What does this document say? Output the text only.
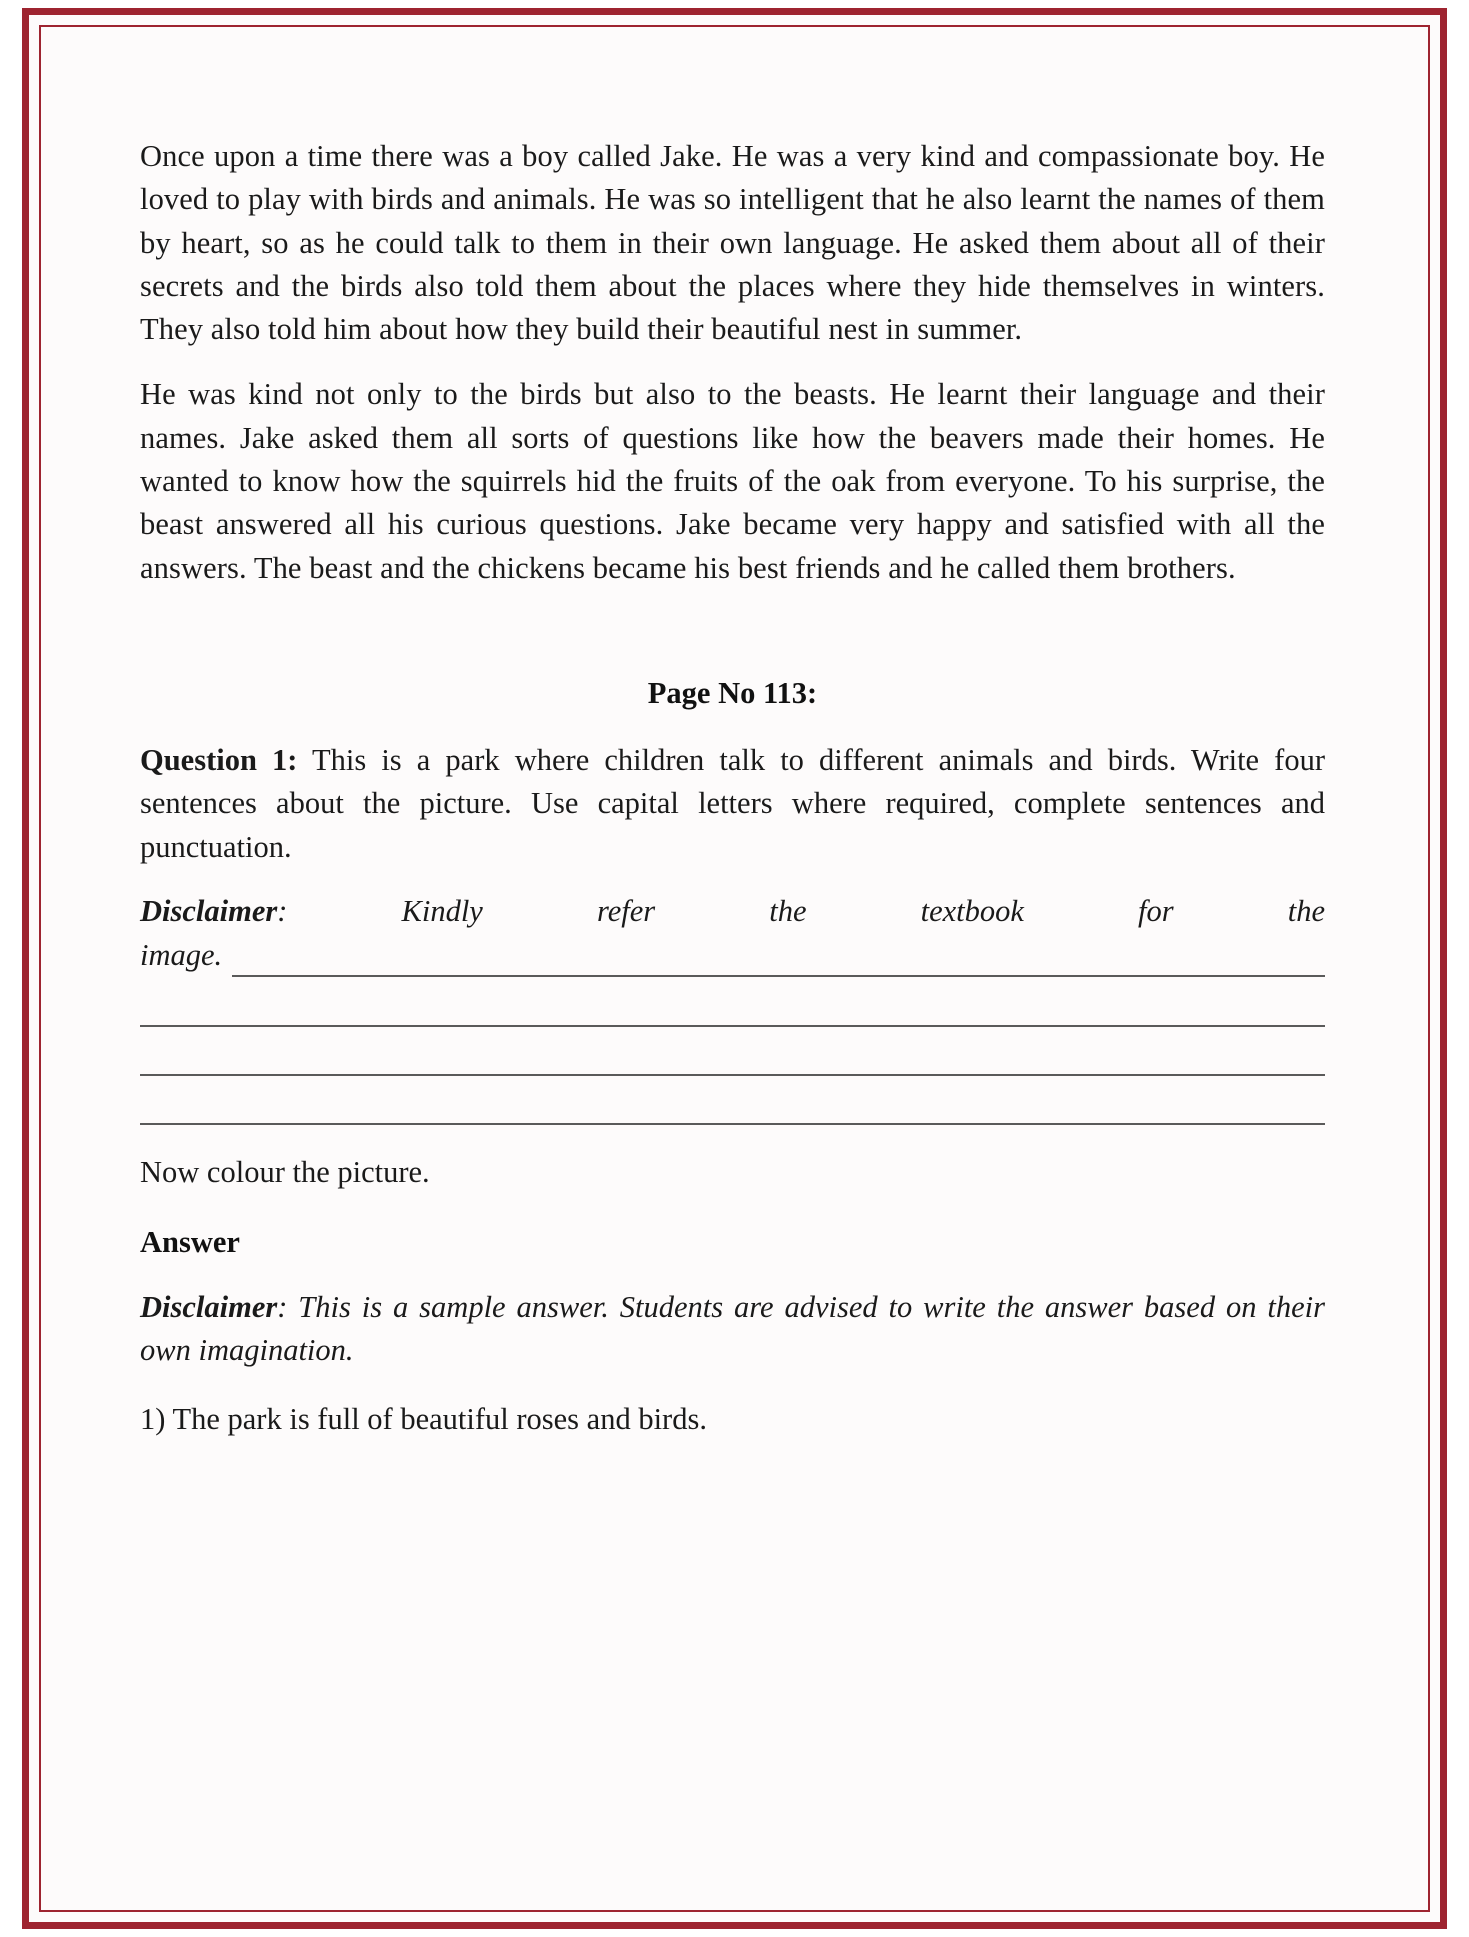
Once upon a time there was a boy called Jake. He was a very kind and compassionate boy. He loved to play with birds and animals. He was so intelligent that he also learnt the names of them by heart, so as he could talk to them in their own language. He asked them about all of their secrets and the birds also told them about the places where they hide themselves in winters. They also told him about how they build their beautiful nest in summer.

He was kind not only to the birds but also to the beasts. He learnt their language and their names. Jake asked them all sorts of questions like how the beavers made their homes. He wanted to know how the squirrels hid the fruits of the oak from everyone. To his surprise, the beast answered all his curious questions. Jake became very happy and satisfied with all the answers. The beast and the chickens became his best friends and he called them brothers.

Page No 113:

Question 1: This is a park where children talk to different animals and birds. Write four sentences about the picture. Use capital letters where required, complete sentences and punctuation.

Disclaimer: Kindly refer the textbook for the

image.

Now colour the picture.

Answer

Disclaimer: This is a sample answer. Students are advised to write the answer based on their own imagination.

1) The park is full of beautiful roses and birds.
